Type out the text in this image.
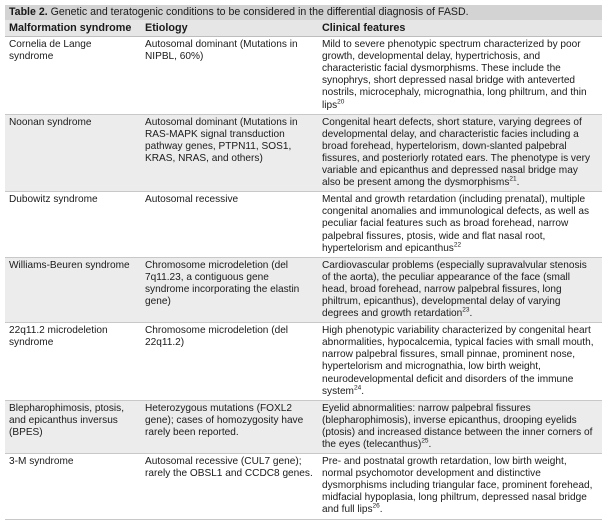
Table 2. Genetic and teratogenic conditions to be considered in the differential diagnosis of FASD.
Malformation syndrome	Etiology	Clinical features
Cornelia de Lange syndrome	Autosomal dominant (Mutations in NIPBL, 60%)	Mild to severe phenotypic spectrum characterized by poor growth, developmental delay, hypertrichosis, and characteristic facial dysmorphisms. These include the synophrys, short depressed nasal bridge with anteverted nostrils, microcephaly, micrognathia, long philtrum, and thin lips$^{20}$
Noonan syndrome	Autosomal dominant (Mutations in RAS-MAPK signal transduction pathway genes, PTPN11, SOS1, KRAS, NRAS, and others)	Congenital heart defects, short stature, varying degrees of developmental delay, and characteristic facies including a broad forehead, hypertelorism, down-slanted palpebral fissures, and posteriorly rotated ears. The phenotype is very variable and epicanthus and depressed nasal bridge may also be present among the dysmorphisms$^{21}$.
Dubowitz syndrome	Autosomal recessive	Mental and growth retardation (including prenatal), multiple congenital anomalies and immunological defects, as well as peculiar facial features such as broad forehead, narrow palpebral fissures, ptosis, wide and flat nasal root, hypertelorism and epicanthus$^{22}$
Williams-Beuren syndrome	Chromosome microdeletion (del 7q11.23, a contiguous gene syndrome incorporating the elastin gene)	Cardiovascular problems (especially supravalvular stenosis of the aorta), the peculiar appearance of the face (small head, broad forehead, narrow palpebral fissures, long philtrum, epicanthus), developmental delay of varying degrees and growth retardation$^{23}$.
22q11.2 microdeletion syndrome	Chromosome microdeletion (del 22q11.2)	High phenotypic variability characterized by congenital heart abnormalities, hypocalcemia, typical facies with small mouth, narrow palpebral fissures, small pinnae, prominent nose, hypertelorism and micrognathia, low birth weight, neurodevelopmental deficit and disorders of the immune system$^{24}$.
Blepharophimosis, ptosis, and epicanthus inversus (BPES)	Heterozygous mutations (FOXL2 gene); cases of homozygosity have rarely been reported.	Eyelid abnormalities: narrow palpebral fissures (blepharophimosis), inverse epicanthus, drooping eyelids (ptosis) and increased distance between the inner corners of the eyes (telecanthus)$^{25}$.
3-M syndrome	Autosomal recessive (CUL7 gene); rarely the OBSL1 and CCDC8 genes.	Pre- and postnatal growth retardation, low birth weight, normal psychomotor development and distinctive dysmorphisms including triangular face, prominent forehead, midfacial hypoplasia, long philtrum, depressed nasal bridge and full lips$^{26}$.
